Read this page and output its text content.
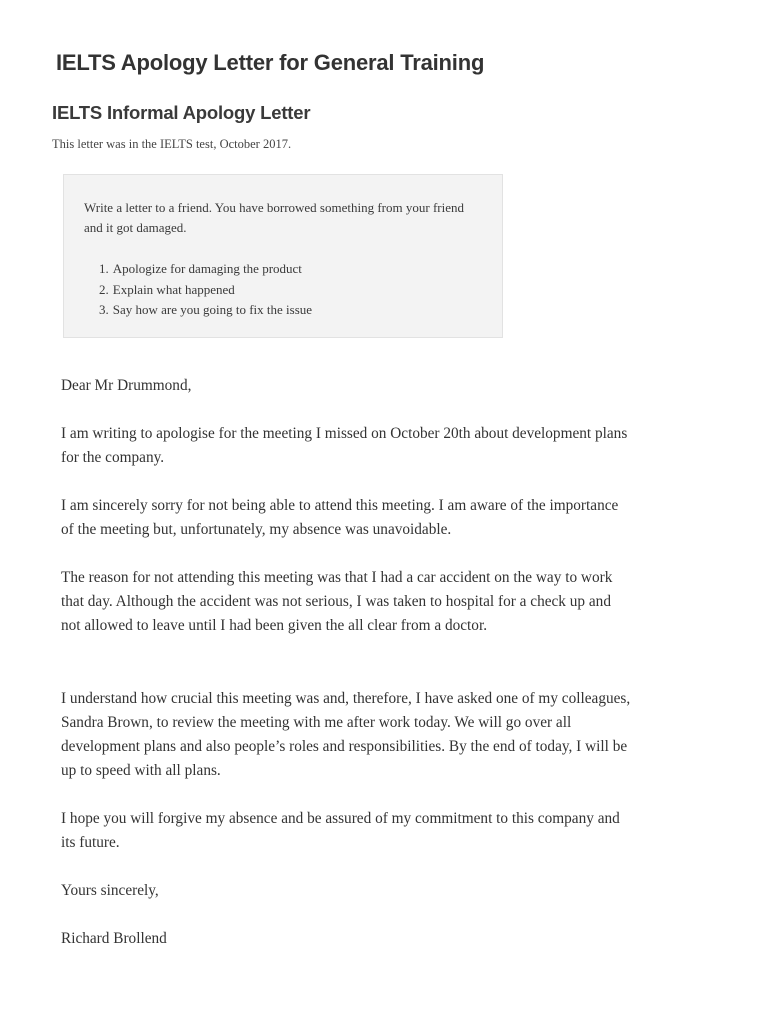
IELTS Apology Letter for General Training
IELTS Informal Apology Letter

This letter was in the IELTS test, October 2017.

Write a letter to a friend. You have borrowed something from your friend and it got damaged.

1. Apologize for damaging the product
2. Explain what happened
3. Say how are you going to fix the issue

Dear Mr Drummond,

I am writing to apologise for the meeting I missed on October 20th about development plans for the company.

I am sincerely sorry for not being able to attend this meeting. I am aware of the importance of the meeting but, unfortunately, my absence was unavoidable.

The reason for not attending this meeting was that I had a car accident on the way to work that day. Although the accident was not serious, I was taken to hospital for a check up and not allowed to leave until I had been given the all clear from a doctor.

I understand how crucial this meeting was and, therefore, I have asked one of my colleagues, Sandra Brown, to review the meeting with me after work today. We will go over all development plans and also people’s roles and responsibilities. By the end of today, I will be up to speed with all plans.

I hope you will forgive my absence and be assured of my commitment to this company and its future.

Yours sincerely,

Richard Brollend
